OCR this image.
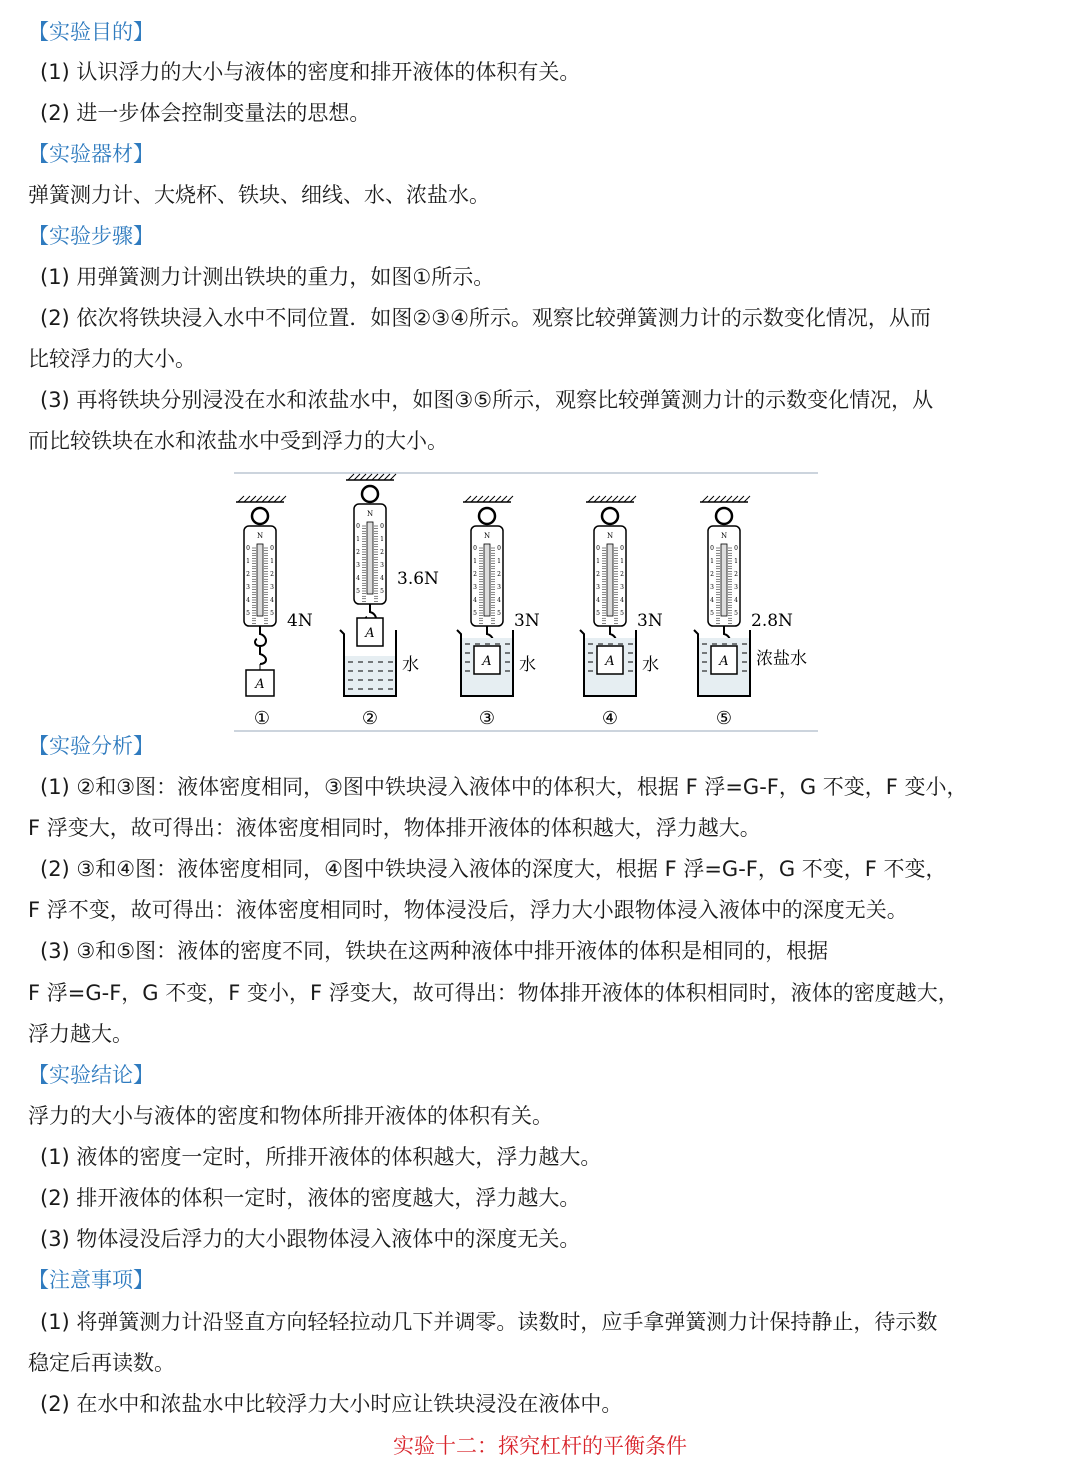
【实验目的】
(1) 认识浮力的大小与液体的密度和排开液体的体积有关。
(2) 进一步体会控制变量法的思想。
【实验器材】
弹簧测力计、大烧杯、铁块、细线、水、浓盐水。
【实验步骤】
(1) 用弹簧测力计测出铁块的重力，如图①所示。
(2) 依次将铁块浸入水中不同位置．如图②③④所示。观察比较弹簧测力计的示数变化情况，从而
比较浮力的大小。
(3) 再将铁块分别浸没在水和浓盐水中，如图③⑤所示，观察比较弹簧测力计的示数变化情况，从
而比较铁块在水和浓盐水中受到浮力的大小。
【实验分析】
(1) ②和③图：液体密度相同，③图中铁块浸入液体中的体积大，根据 F 浮=G-F，G 不变，F 变小，
F 浮变大，故可得出：液体密度相同时，物体排开液体的体积越大，浮力越大。
(2) ③和④图：液体密度相同，④图中铁块浸入液体的深度大，根据 F 浮=G-F，G 不变，F 不变，
F 浮不变，故可得出：液体密度相同时，物体浸没后，浮力大小跟物体浸入液体中的深度无关。
(3) ③和⑤图：液体的密度不同，铁块在这两种液体中排开液体的体积是相同的，根据
F 浮=G-F，G 不变，F 变小，F 浮变大，故可得出：物体排开液体的体积相同时，液体的密度越大，
浮力越大。
【实验结论】
浮力的大小与液体的密度和物体所排开液体的体积有关。
(1) 液体的密度一定时，所排开液体的体积越大，浮力越大。
(2) 排开液体的体积一定时，液体的密度越大，浮力越大。
(3) 物体浸没后浮力的大小跟物体浸入液体中的深度无关。
【注意事项】
(1) 将弹簧测力计沿竖直方向轻轻拉动几下并调零。读数时，应手拿弹簧测力计保持静止，待示数
稳定后再读数。
(2) 在水中和浓盐水中比较浮力大小时应让铁块浸没在液体中。
N
0	0
1	1
2	2
3	3
4	4
5	5 4N
A
①
N
0	0
1	1
2	2
3	3
4	4
5	5
3.6N
A
水
②
N
0	0
1	1
2	2
3	3
4	4
5	5 3N
A 水
③
N
0	0
1	1
2	2
3	3
4	4
5	5 3N
A 水
④
N
0	0
1	1
2	2
3	3
4	4
5	5 2.8N
A 浓盐水
⑤
实验十二：探究杠杆的平衡条件
